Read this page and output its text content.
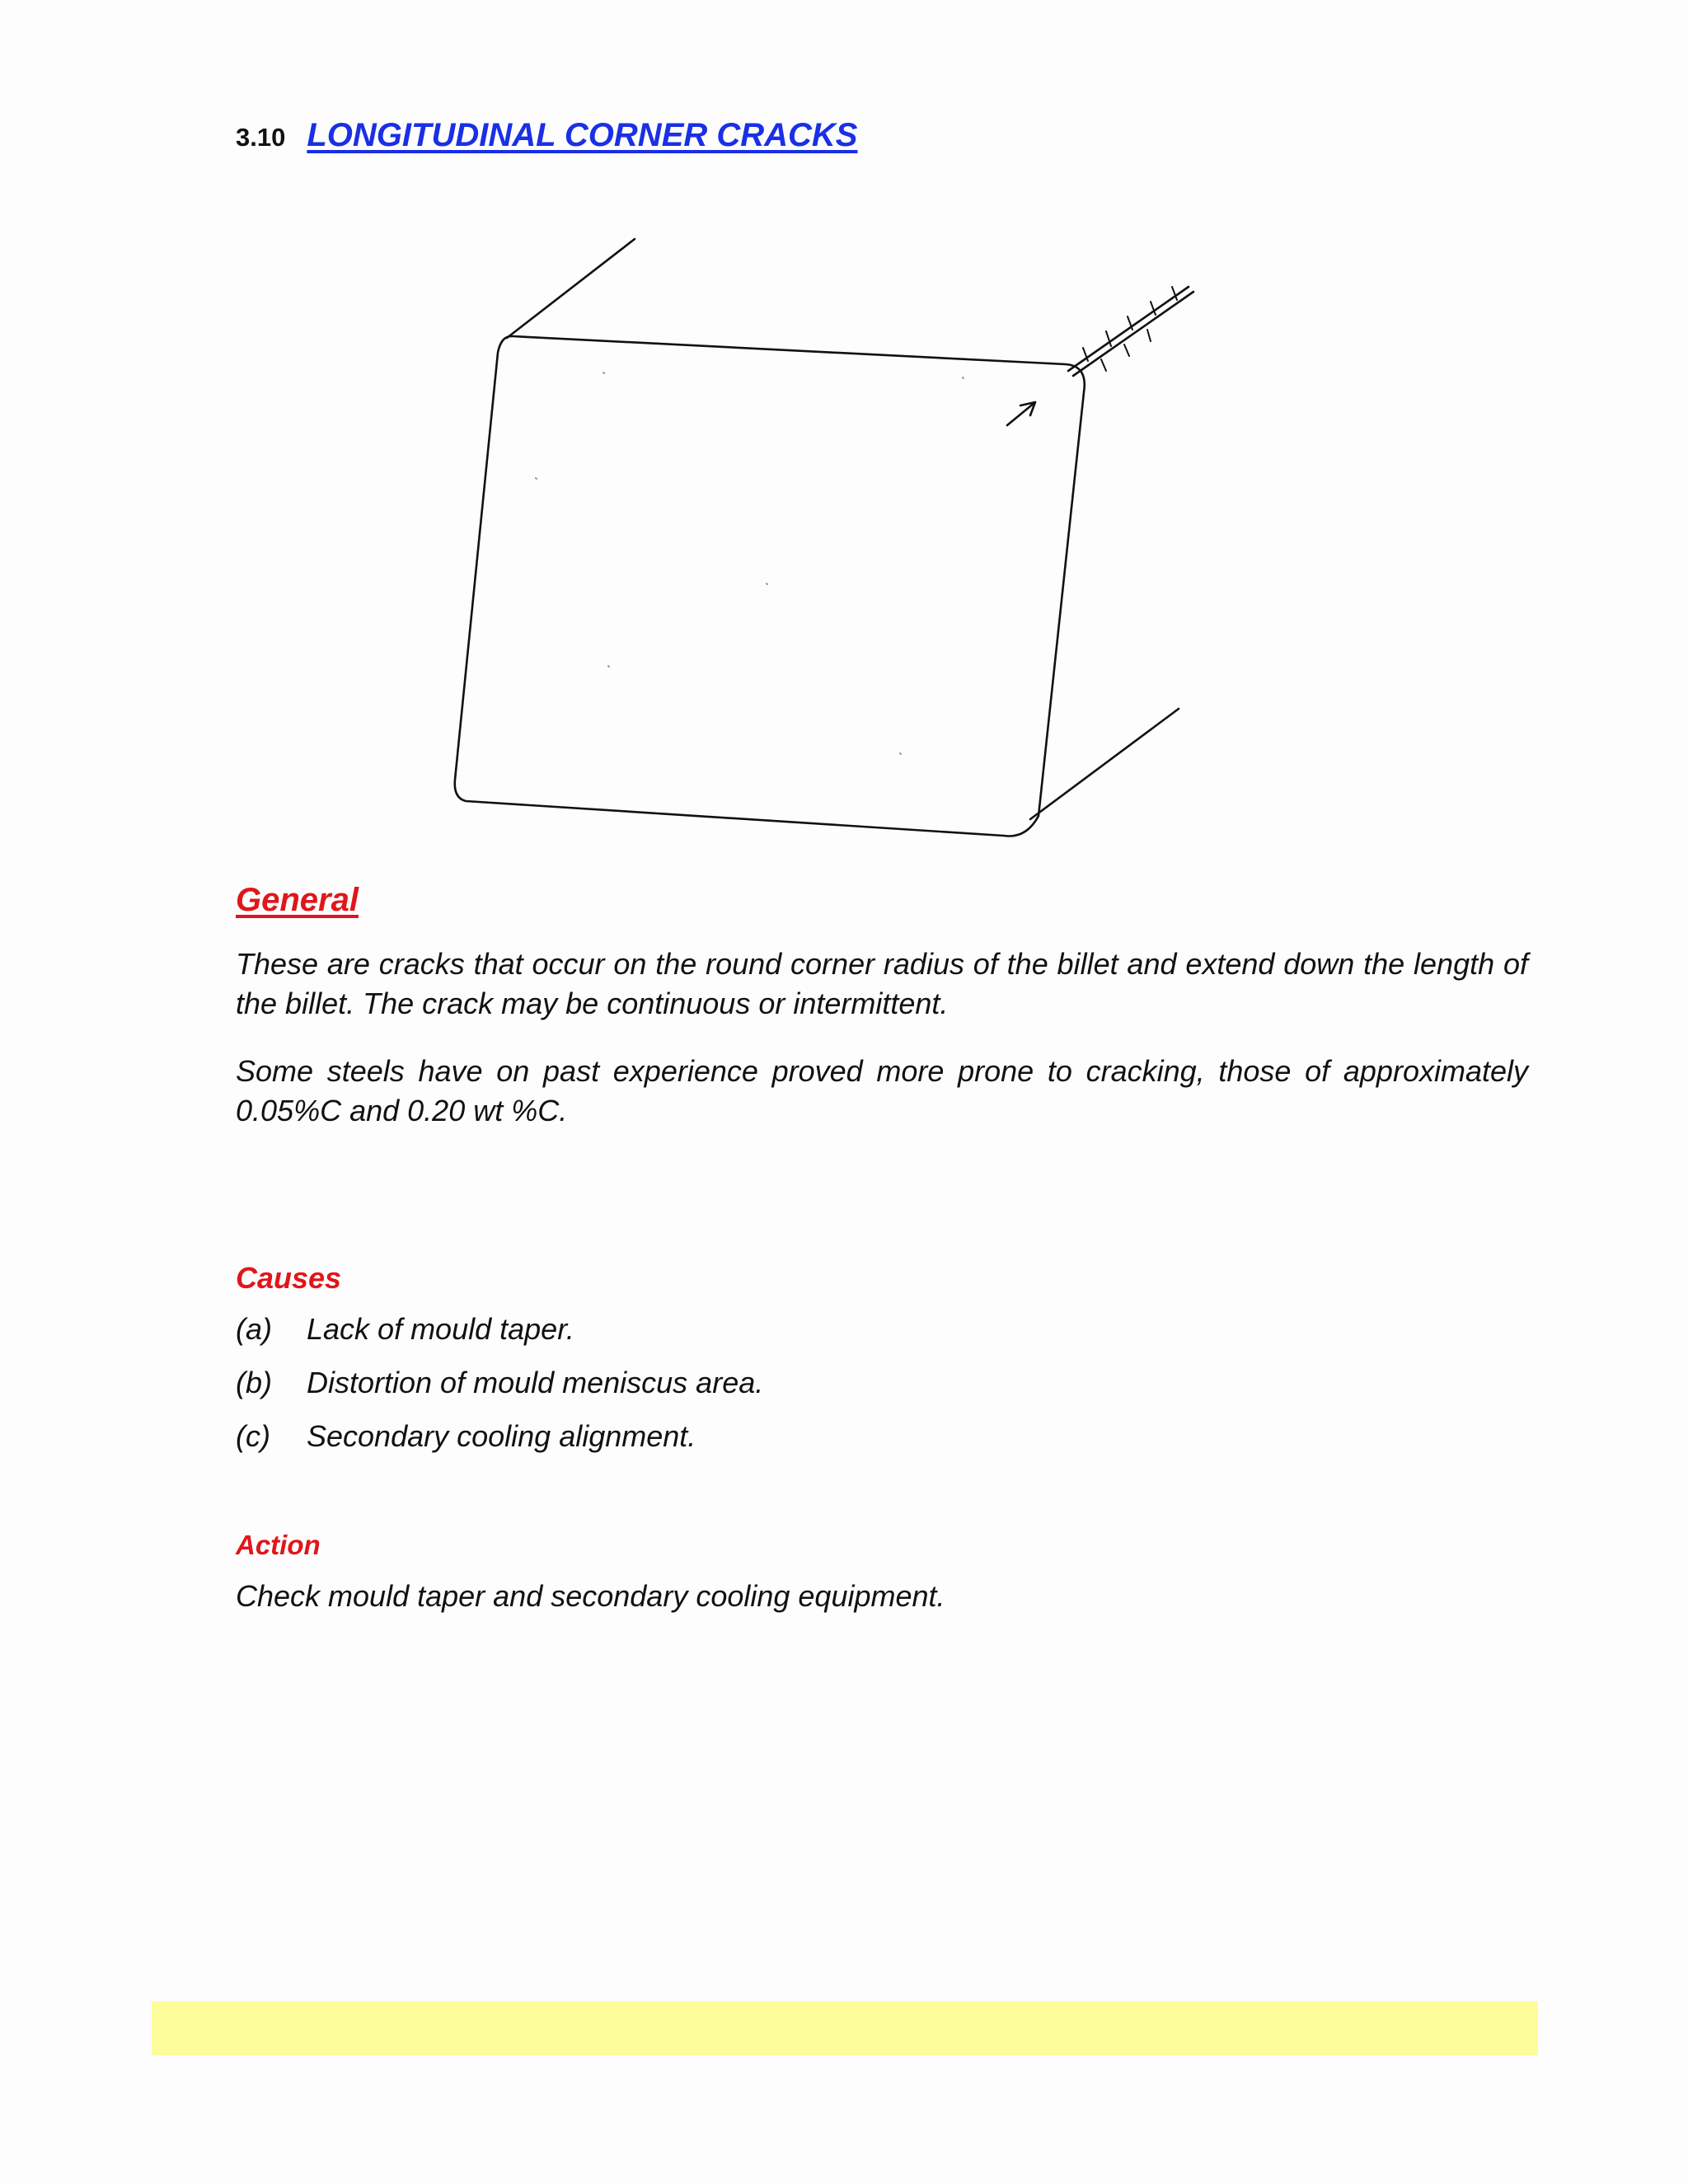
3.10 LONGITUDINAL CORNER CRACKS
General

These are cracks that occur on the round corner radius of the billet and extend down the length of the billet. The crack may be continuous or intermittent.

Some steels have on past experience proved more prone to cracking, those of approximately 0.05%C and 0.20 wt %C.

Causes
(a)	Lack of mould taper.
(b)	Distortion of mould meniscus area.
(c)	Secondary cooling alignment.
Action
Check mould taper and secondary cooling equipment.
